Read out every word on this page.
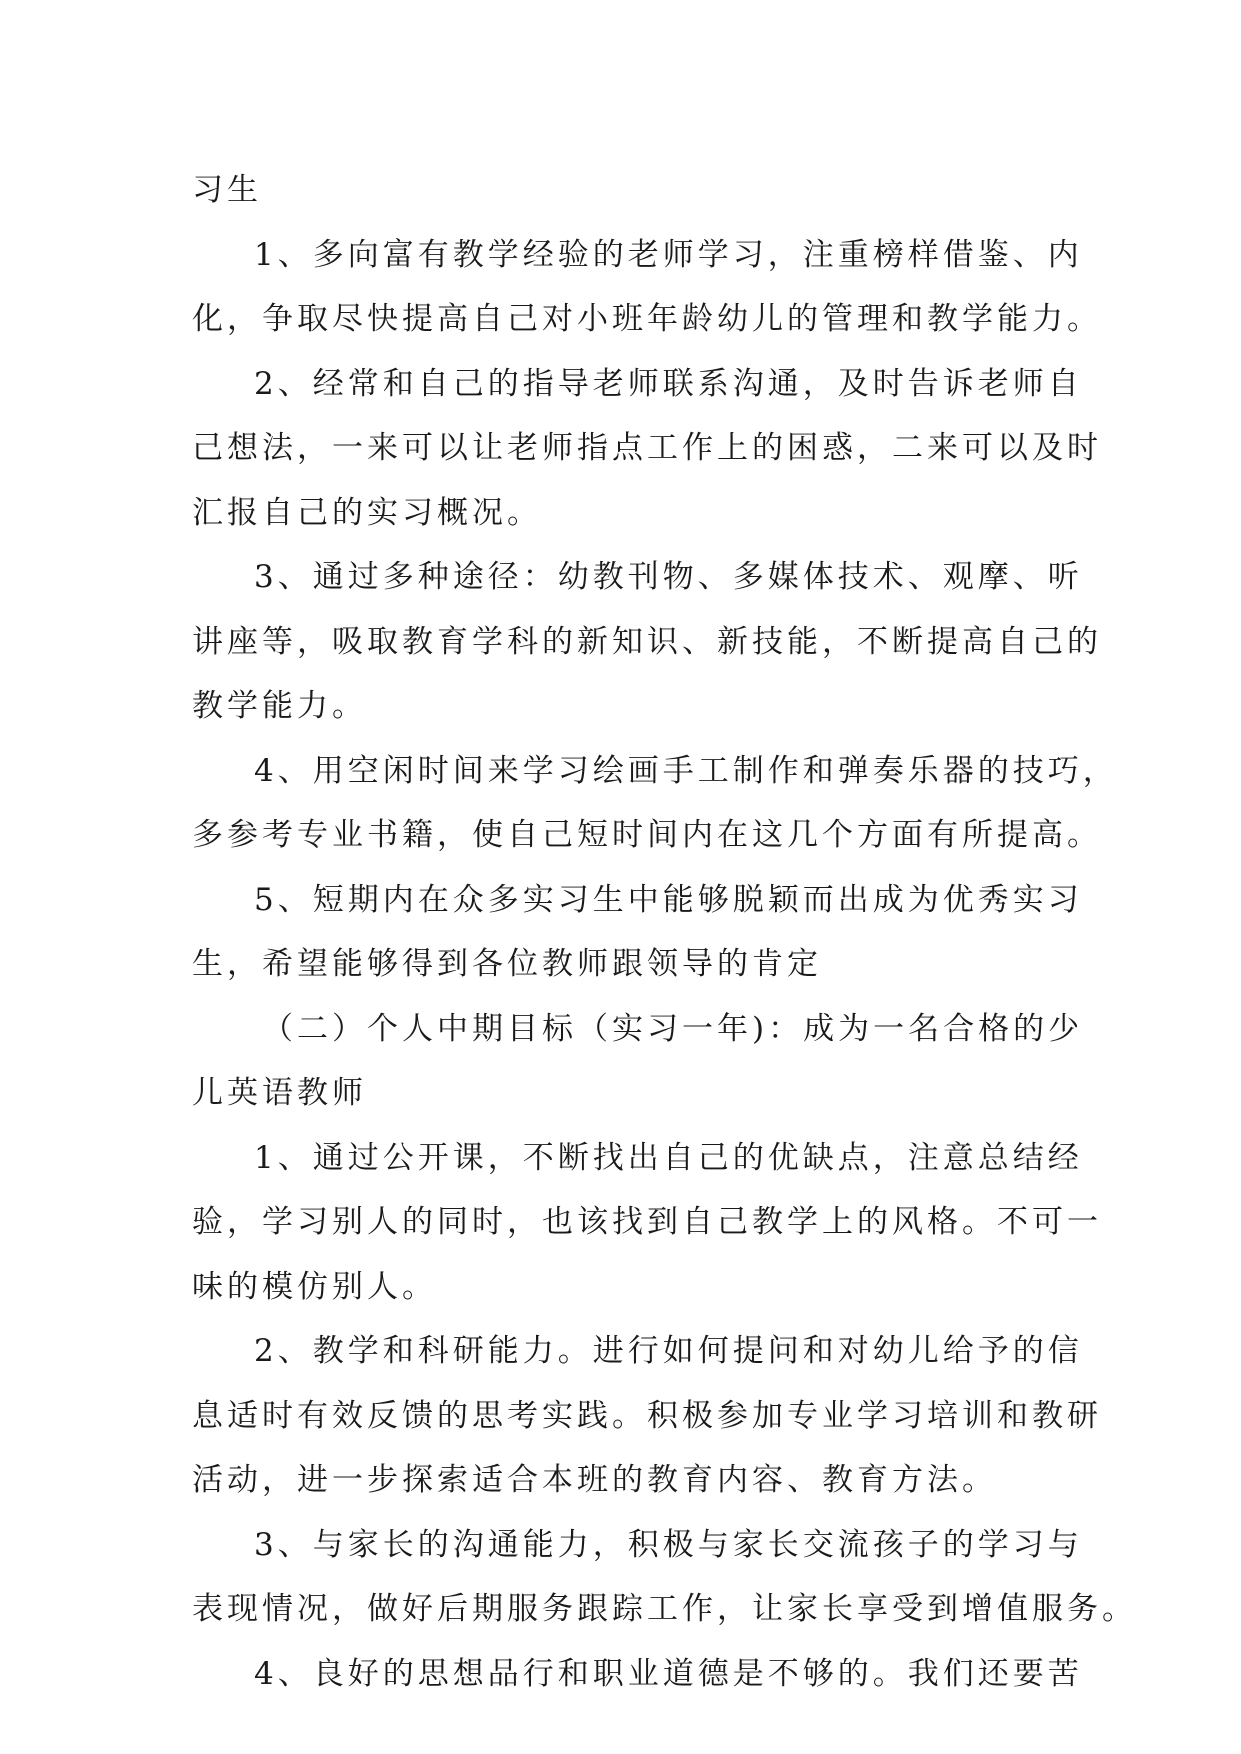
习生
1、多向富有教学经验的老师学习，注重榜样借鉴、内
化，争取尽快提高自己对小班年龄幼儿的管理和教学能力。
2、经常和自己的指导老师联系沟通，及时告诉老师自
己想法，一来可以让老师指点工作上的困惑，二来可以及时
汇报自己的实习概况。
3、通过多种途径：幼教刊物、多媒体技术、观摩、听
讲座等，吸取教育学科的新知识、新技能，不断提高自己的
教学能力。
4、用空闲时间来学习绘画手工制作和弹奏乐器的技巧，
多参考专业书籍，使自己短时间内在这几个方面有所提高。
5、短期内在众多实习生中能够脱颖而出成为优秀实习
生，希望能够得到各位教师跟领导的肯定
（二）个人中期目标（实习一年)：成为一名合格的少
儿英语教师
1、通过公开课，不断找出自己的优缺点，注意总结经
验，学习别人的同时，也该找到自己教学上的风格。不可一
味的模仿别人。
2、教学和科研能力。进行如何提问和对幼儿给予的信
息适时有效反馈的思考实践。积极参加专业学习培训和教研
活动，进一步探索适合本班的教育内容、教育方法。
3、与家长的沟通能力，积极与家长交流孩子的学习与
表现情况，做好后期服务跟踪工作，让家长享受到增值服务。
4、良好的思想品行和职业道德是不够的。我们还要苦
